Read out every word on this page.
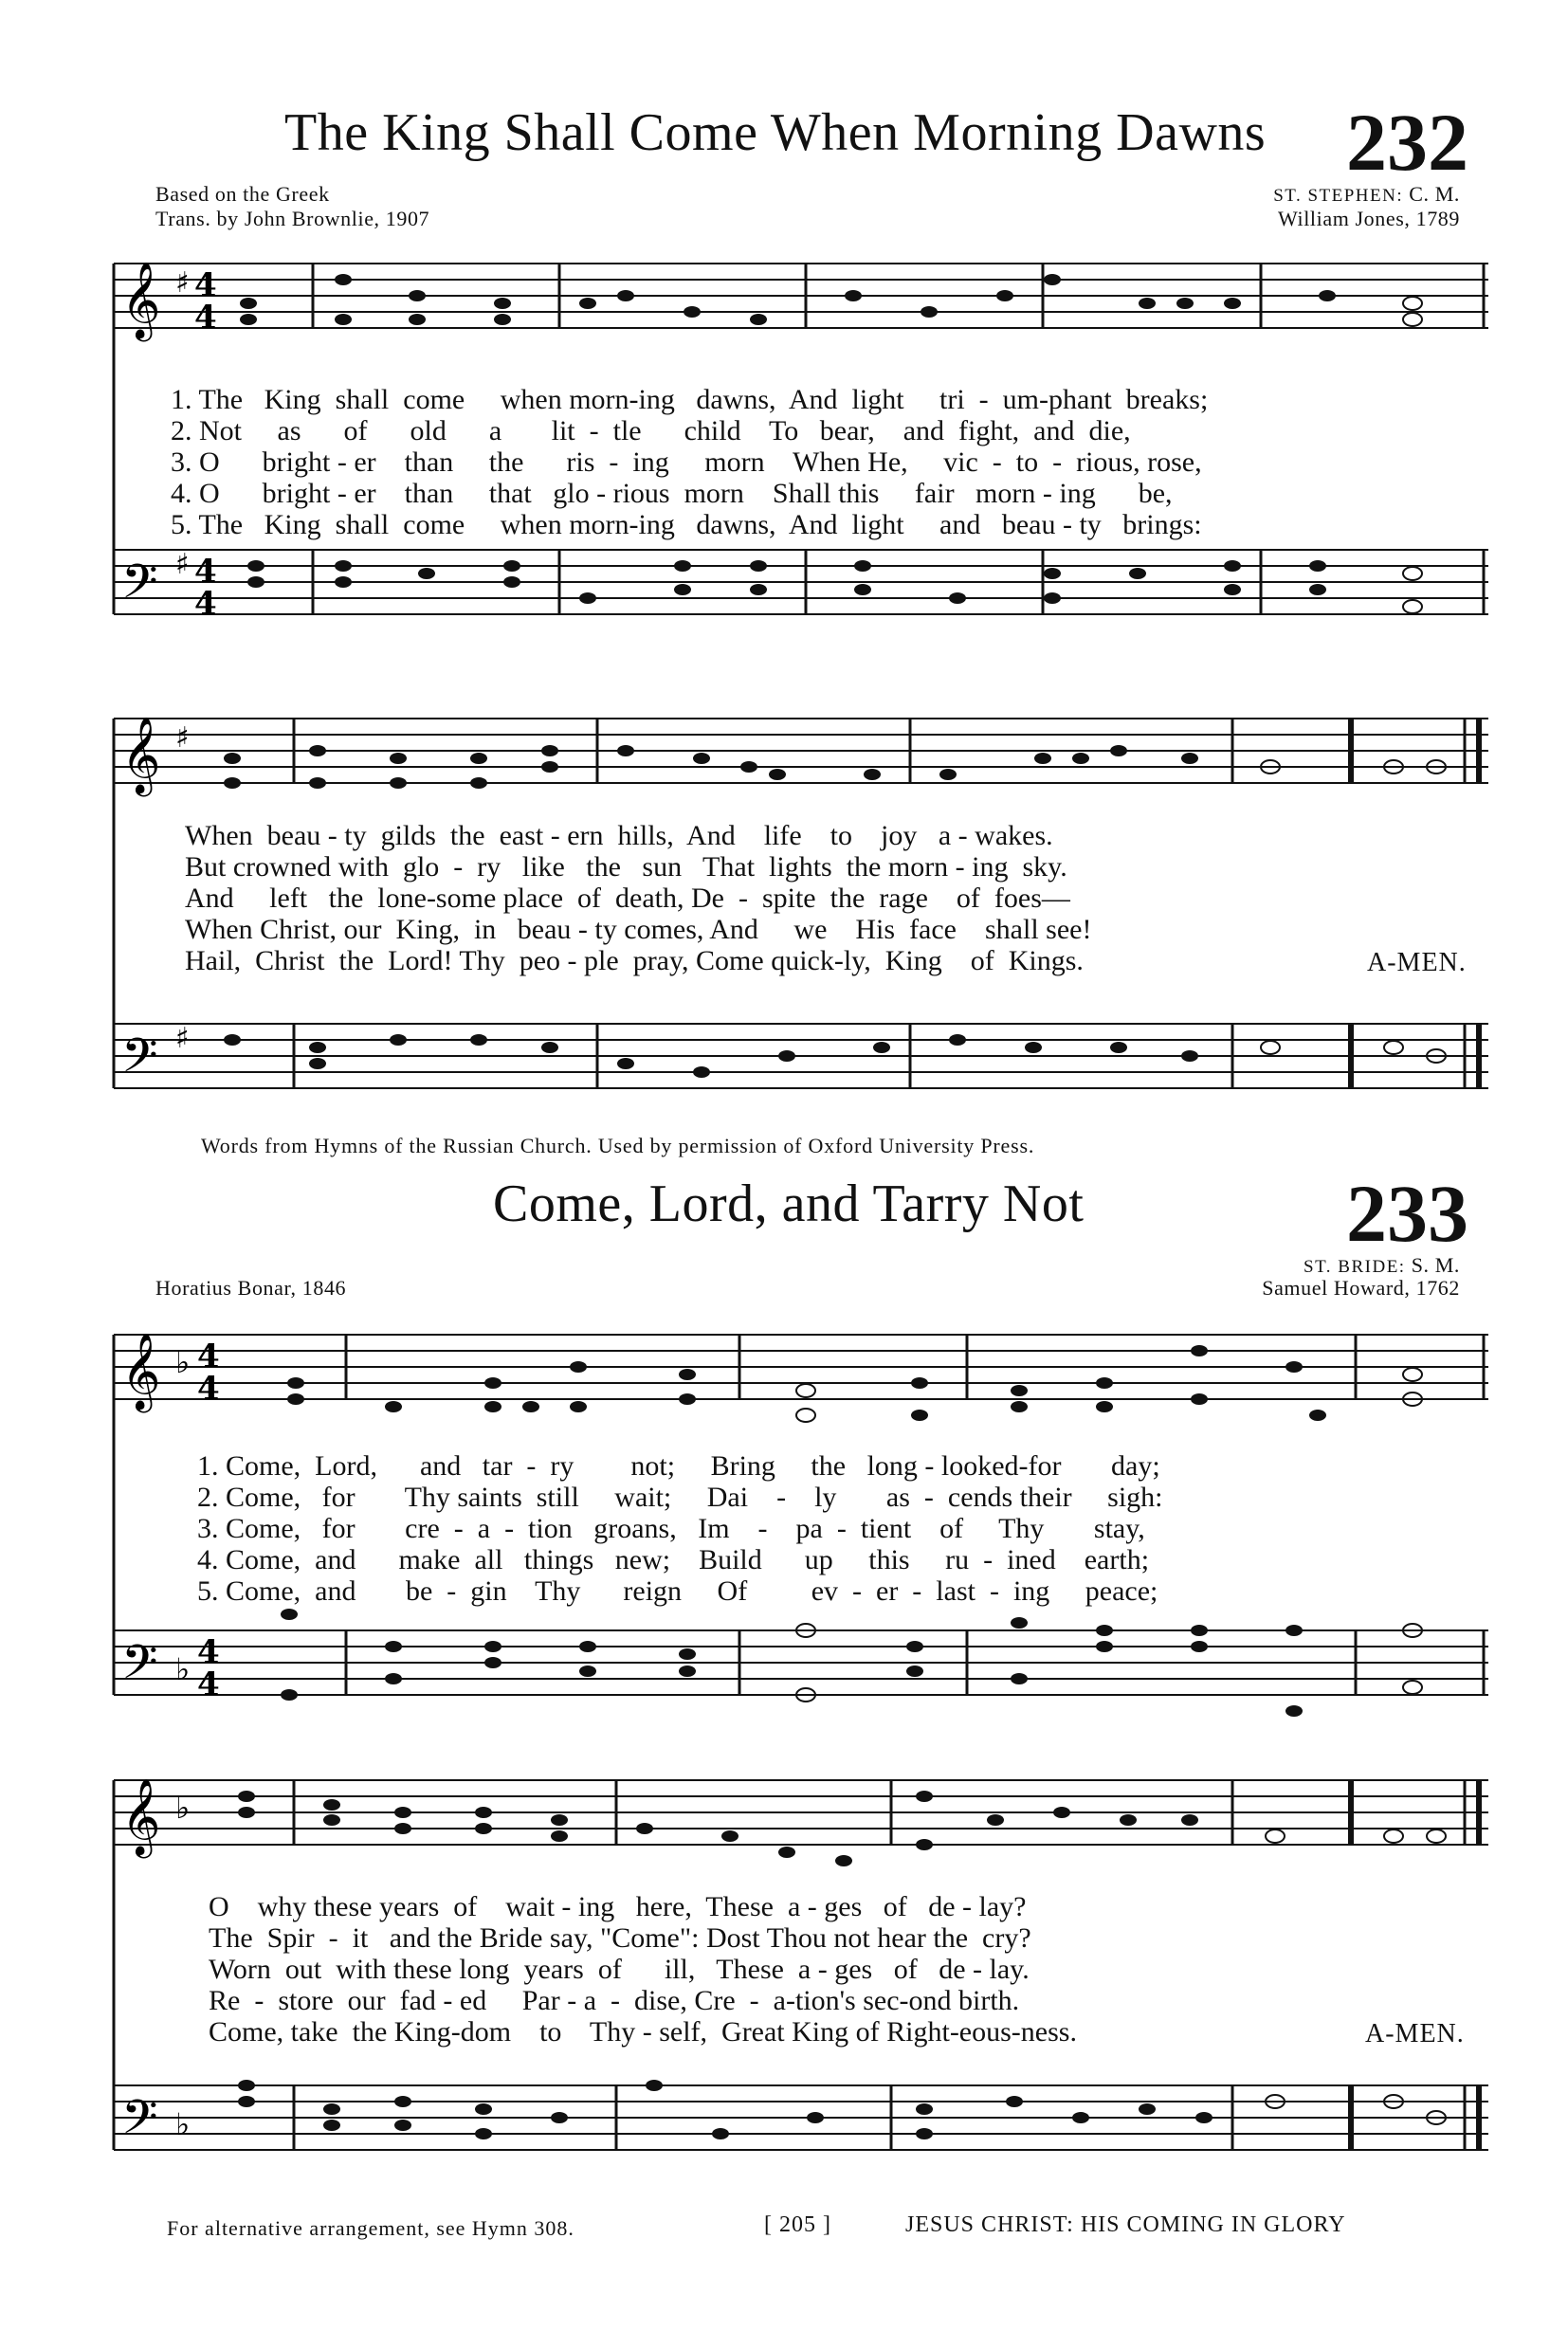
The King Shall Come When Morning Dawns 232
Based on the Greek
Trans. by John Brownlie, 1907
ST. STEPHEN: C. M.
William Jones, 1789
𝄞
𝄢
♯
♯
4
4
4
4
1. The   King  shall  come     when morn-ing   dawns,  And  light     tri  -  um-phant  breaks;
2. Not     as      of      old      a       lit  -  tle      child    To   bear,    and  fight,  and  die,
3. O      bright - er    than     the      ris  -  ing     morn    When He,     vic  -  to  -  rious, rose,
4. O      bright - er    than     that   glo - rious  morn    Shall this     fair   morn - ing      be,
5. The   King  shall  come     when morn-ing   dawns,  And  light     and   beau - ty   brings:
𝄞
𝄢
♯
♯
When  beau - ty  gilds  the  east - ern  hills,  And    life    to    joy   a - wakes.
But crowned with  glo  -  ry   like   the   sun   That  lights  the morn - ing  sky.
And     left   the  lone-some place  of  death, De  -  spite  the  rage    of  foes—
When Christ, our  King,  in   beau - ty comes, And     we    His  face    shall see!
Hail,  Christ  the  Lord! Thy  peo - ple  pray, Come quick-ly,  King    of  Kings.	A-MEN.
Words from Hymns of the Russian Church. Used by permission of Oxford University Press.
Come, Lord, and Tarry Not	233
ST. BRIDE: S. M.
Horatius Bonar, 1846	Samuel Howard, 1762
𝄞
𝄢
♭
♭
4
4
4
4
1. Come,  Lord,      and   tar  -  ry        not;     Bring     the   long - looked-for       day;
2. Come,   for       Thy saints  still     wait;     Dai    -    ly       as  -  cends their     sigh:
3. Come,   for       cre  -  a  -  tion   groans,   Im    -    pa  -  tient    of     Thy       stay,
4. Come,  and      make  all   things   new;    Build      up     this     ru  -  ined    earth;
5. Come,  and       be  -  gin    Thy      reign     Of         ev  -  er  -  last  -  ing     peace;
𝄞
𝄢
♭
♭
O    why these years  of    wait - ing   here,  These  a - ges   of   de - lay?
The  Spir  -  it   and the Bride say, "Come": Dost Thou not hear the  cry?
Worn  out  with these long  years  of      ill,   These  a - ges   of   de - lay.
Re  -  store  our  fad - ed     Par - a  -  dise, Cre  -  a-tion's sec-ond birth.
Come, take  the King-dom    to    Thy - self,  Great King of Right-eous-ness.	A-MEN.
For alternative arrangement, see Hymn 308.	[ 205 ]	JESUS CHRIST: HIS COMING IN GLORY
